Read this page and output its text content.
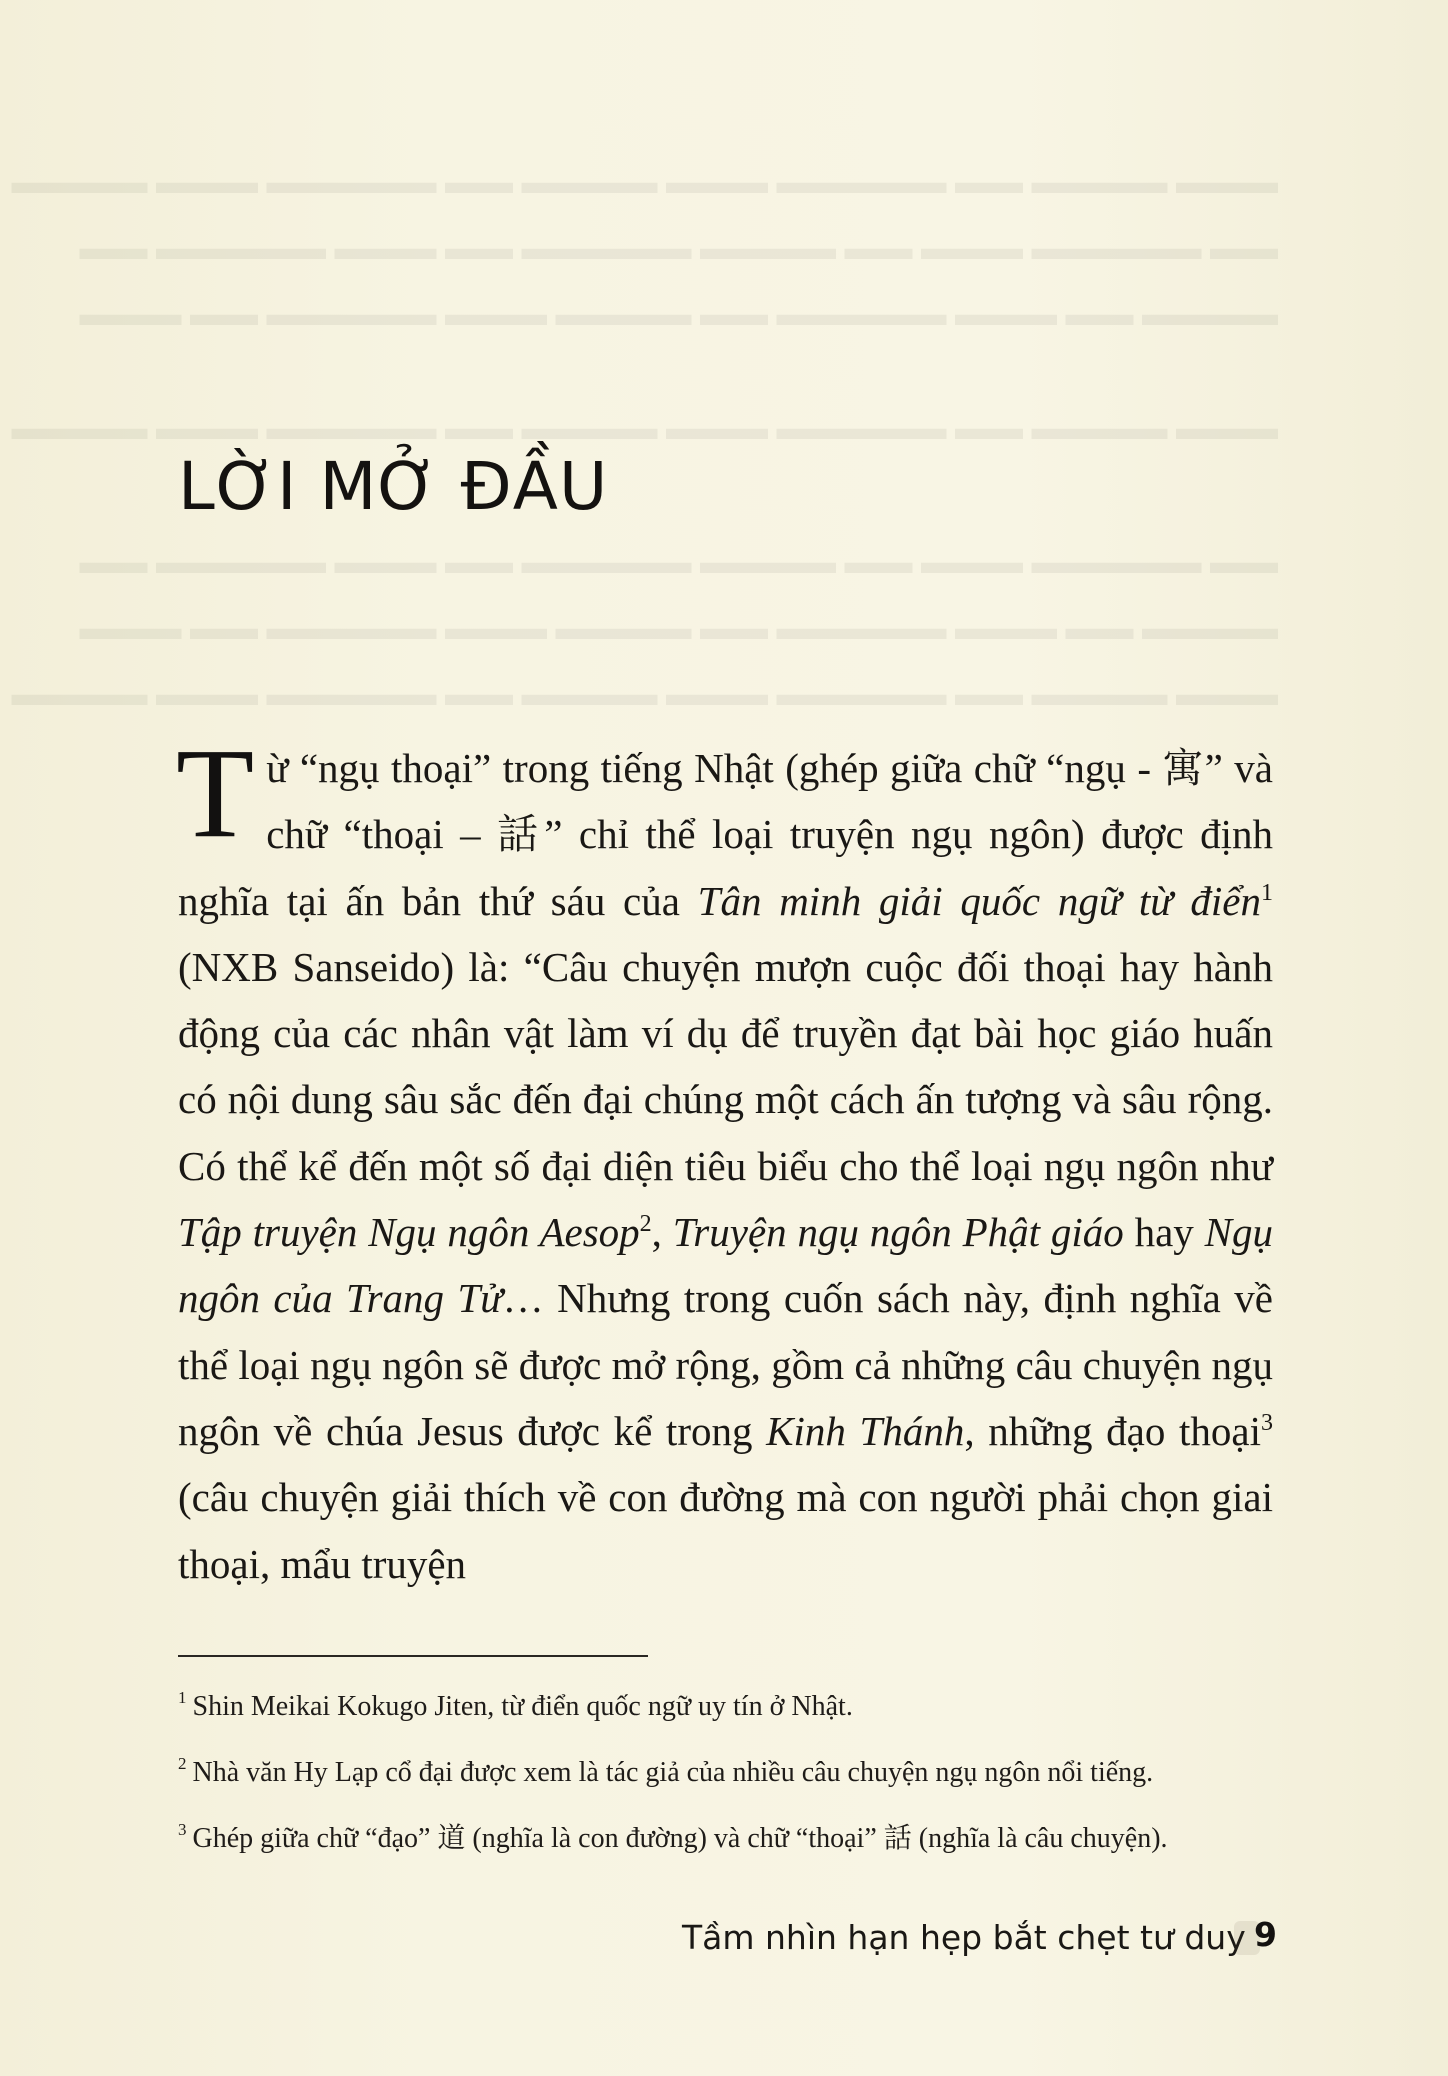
▬▬▬ ▬▬▬▬ ▬▬ ▬▬▬▬▬ ▬▬▬ ▬▬▬▬ ▬▬ ▬▬▬▬▬ ▬▬▬ ▬▬▬▬
▬▬ ▬▬▬▬▬ ▬▬▬ ▬▬ ▬▬▬▬ ▬▬▬▬▬ ▬▬ ▬▬▬ ▬▬▬▬▬ ▬▬
▬▬▬▬ ▬▬ ▬▬▬ ▬▬▬▬▬ ▬▬ ▬▬▬▬ ▬▬▬ ▬▬▬▬▬ ▬▬ ▬▬▬
▬▬▬ ▬▬▬▬ ▬▬ ▬▬▬▬▬ ▬▬▬ ▬▬▬▬ ▬▬ ▬▬▬▬▬ ▬▬▬ ▬▬▬▬
▬▬ ▬▬▬▬▬ ▬▬▬ ▬▬ ▬▬▬▬ ▬▬▬▬▬ ▬▬ ▬▬▬ ▬▬▬▬▬ ▬▬
▬▬▬▬ ▬▬ ▬▬▬ ▬▬▬▬▬ ▬▬ ▬▬▬▬ ▬▬▬ ▬▬▬▬▬ ▬▬ ▬▬▬
▬▬▬ ▬▬▬▬ ▬▬ ▬▬▬▬▬ ▬▬▬ ▬▬▬▬ ▬▬ ▬▬▬▬▬ ▬▬▬ ▬▬▬▬
LỜI MỞ ĐẦU

Từ “ngụ thoại” trong tiếng Nhật (ghép giữa chữ “ngụ - 寓” và chữ “thoại – 話” chỉ thể loại truyện ngụ ngôn) được định nghĩa tại ấn bản thứ sáu của Tân minh giải quốc ngữ từ điển$^1$ (NXB Sanseido) là: “Câu chuyện mượn cuộc đối thoại hay hành động của các nhân vật làm ví dụ để truyền đạt bài học giáo huấn có nội dung sâu sắc đến đại chúng một cách ấn tượng và sâu rộng. Có thể kể đến một số đại diện tiêu biểu cho thể loại ngụ ngôn như Tập truyện Ngụ ngôn Aesop$^2$, Truyện ngụ ngôn Phật giáo hay Ngụ ngôn của Trang Tử… Nhưng trong cuốn sách này, định nghĩa về thể loại ngụ ngôn sẽ được mở rộng, gồm cả những câu chuyện ngụ ngôn về chúa Jesus được kể trong Kinh Thánh, những đạo thoại$^3$ (câu chuyện giải thích về con đường mà con người phải chọn giai thoại, mẩu truyện

$^1$ Shin Meikai Kokugo Jiten, từ điển quốc ngữ uy tín ở Nhật.

$^2$ Nhà văn Hy Lạp cổ đại được xem là tác giả của nhiều câu chuyện ngụ ngôn nổi tiếng.

$^3$ Ghép giữa chữ “đạo” 道 (nghĩa là con đường) và chữ “thoại” 話 (nghĩa là câu chuyện).

Tầm nhìn hạn hẹp bắt chẹt tư duy 9
